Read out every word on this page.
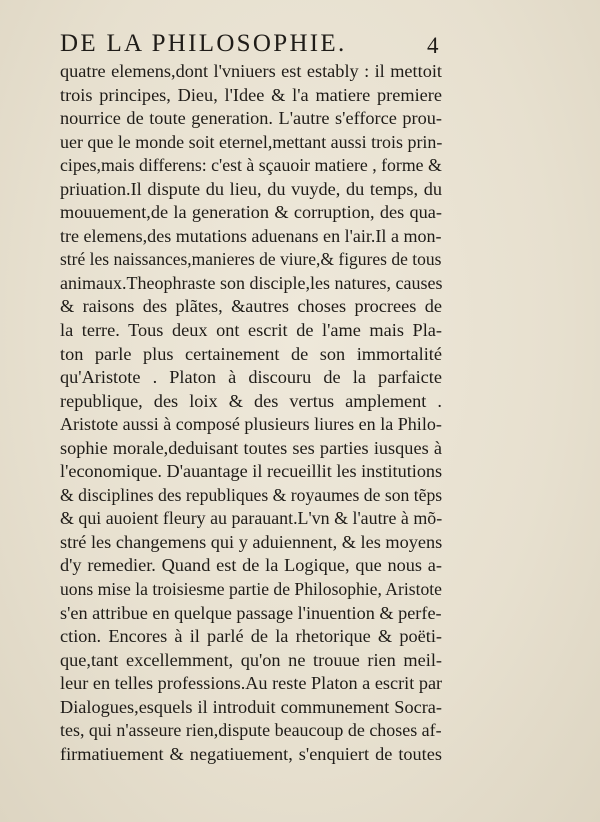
DE LA PHILOSOPHIE.	4
quatre elemens,dont l'vniuers est estably : il mettoit
trois principes, Dieu, l'Idee & l'a matiere premiere
nourrice de toute generation. L'autre s'efforce prou-
uer que le monde soit eternel,mettant aussi trois prin-
cipes,mais differens: c'est à sçauoir matiere , forme &
priuation.Il dispute du lieu, du vuyde, du temps, du
mouuement,de la generation & corruption, des qua-
tre elemens,des mutations aduenans en l'air.Il a mon-
stré les naissances,manieres de viure,& figures de tous
animaux.Theophraste son disciple,les natures, causes
& raisons des plãtes, &autres choses procrees de
la terre. Tous deux ont escrit de l'ame mais Pla-
ton parle plus certainement de son immortalité
qu'Aristote . Platon à discouru de la parfaicte
republique, des loix & des vertus amplement .
Aristote aussi à composé plusieurs liures en la Philo-
sophie morale,deduisant toutes ses parties iusques à
l'economique. D'auantage il recueillit les institutions
& disciplines des republiques & royaumes de son tẽps
& qui auoient fleury au parauant.L'vn & l'autre à mõ-
stré les changemens qui y aduiennent, & les moyens
d'y remedier. Quand est de la Logique, que nous a-
uons mise la troisiesme partie de Philosophie, Aristote
s'en attribue en quelque passage l'inuention & perfe-
ction. Encores à il parlé de la rhetorique & poëti-
que,tant excellemment, qu'on ne trouue rien meil-
leur en telles professions.Au reste Platon a escrit par
Dialogues,esquels il introduit communement Socra-
tes, qui n'asseure rien,dispute beaucoup de choses af-
firmatiuement & negatiuement, s'enquiert de toutes
